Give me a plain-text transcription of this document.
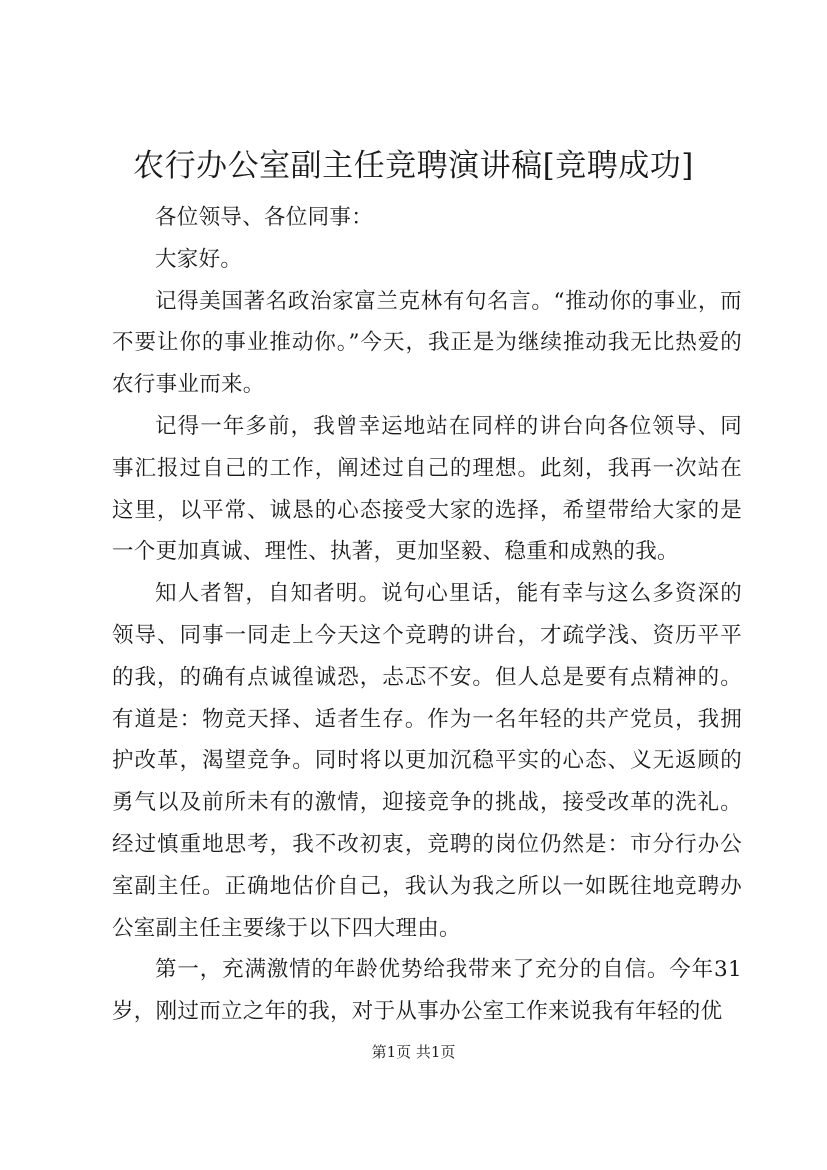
农行办公室副主任竞聘演讲稿[竞聘成功]

各位领导、各位同事：

大家好。

记得美国著名政治家富兰克林有句名言。“推动你的事业，而不要让你的事业推动你。”今天，我正是为继续推动我无比热爱的农行事业而来。

记得一年多前，我曾幸运地站在同样的讲台向各位领导、同事汇报过自己的工作，阐述过自己的理想。此刻，我再一次站在这里，以平常、诚恳的心态接受大家的选择，希望带给大家的是一个更加真诚、理性、执著，更加坚毅、稳重和成熟的我。

知人者智，自知者明。说句心里话，能有幸与这么多资深的领导、同事一同走上今天这个竞聘的讲台，才疏学浅、资历平平的我，的确有点诚徨诚恐，忐忑不安。但人总是要有点精神的。有道是：物竞天择、适者生存。作为一名年轻的共产党员，我拥护改革，渴望竞争。同时将以更加沉稳平实的心态、义无返顾的勇气以及前所未有的激情，迎接竞争的挑战，接受改革的洗礼。经过慎重地思考，我不改初衷，竞聘的岗位仍然是：市分行办公室副主任。正确地估价自己，我认为我之所以一如既往地竞聘办公室副主任主要缘于以下四大理由。

第一，充满激情的年龄优势给我带来了充分的自信。今年31岁，刚过而立之年的我，对于从事办公室工作来说我有年轻的优

第1页 共1页
